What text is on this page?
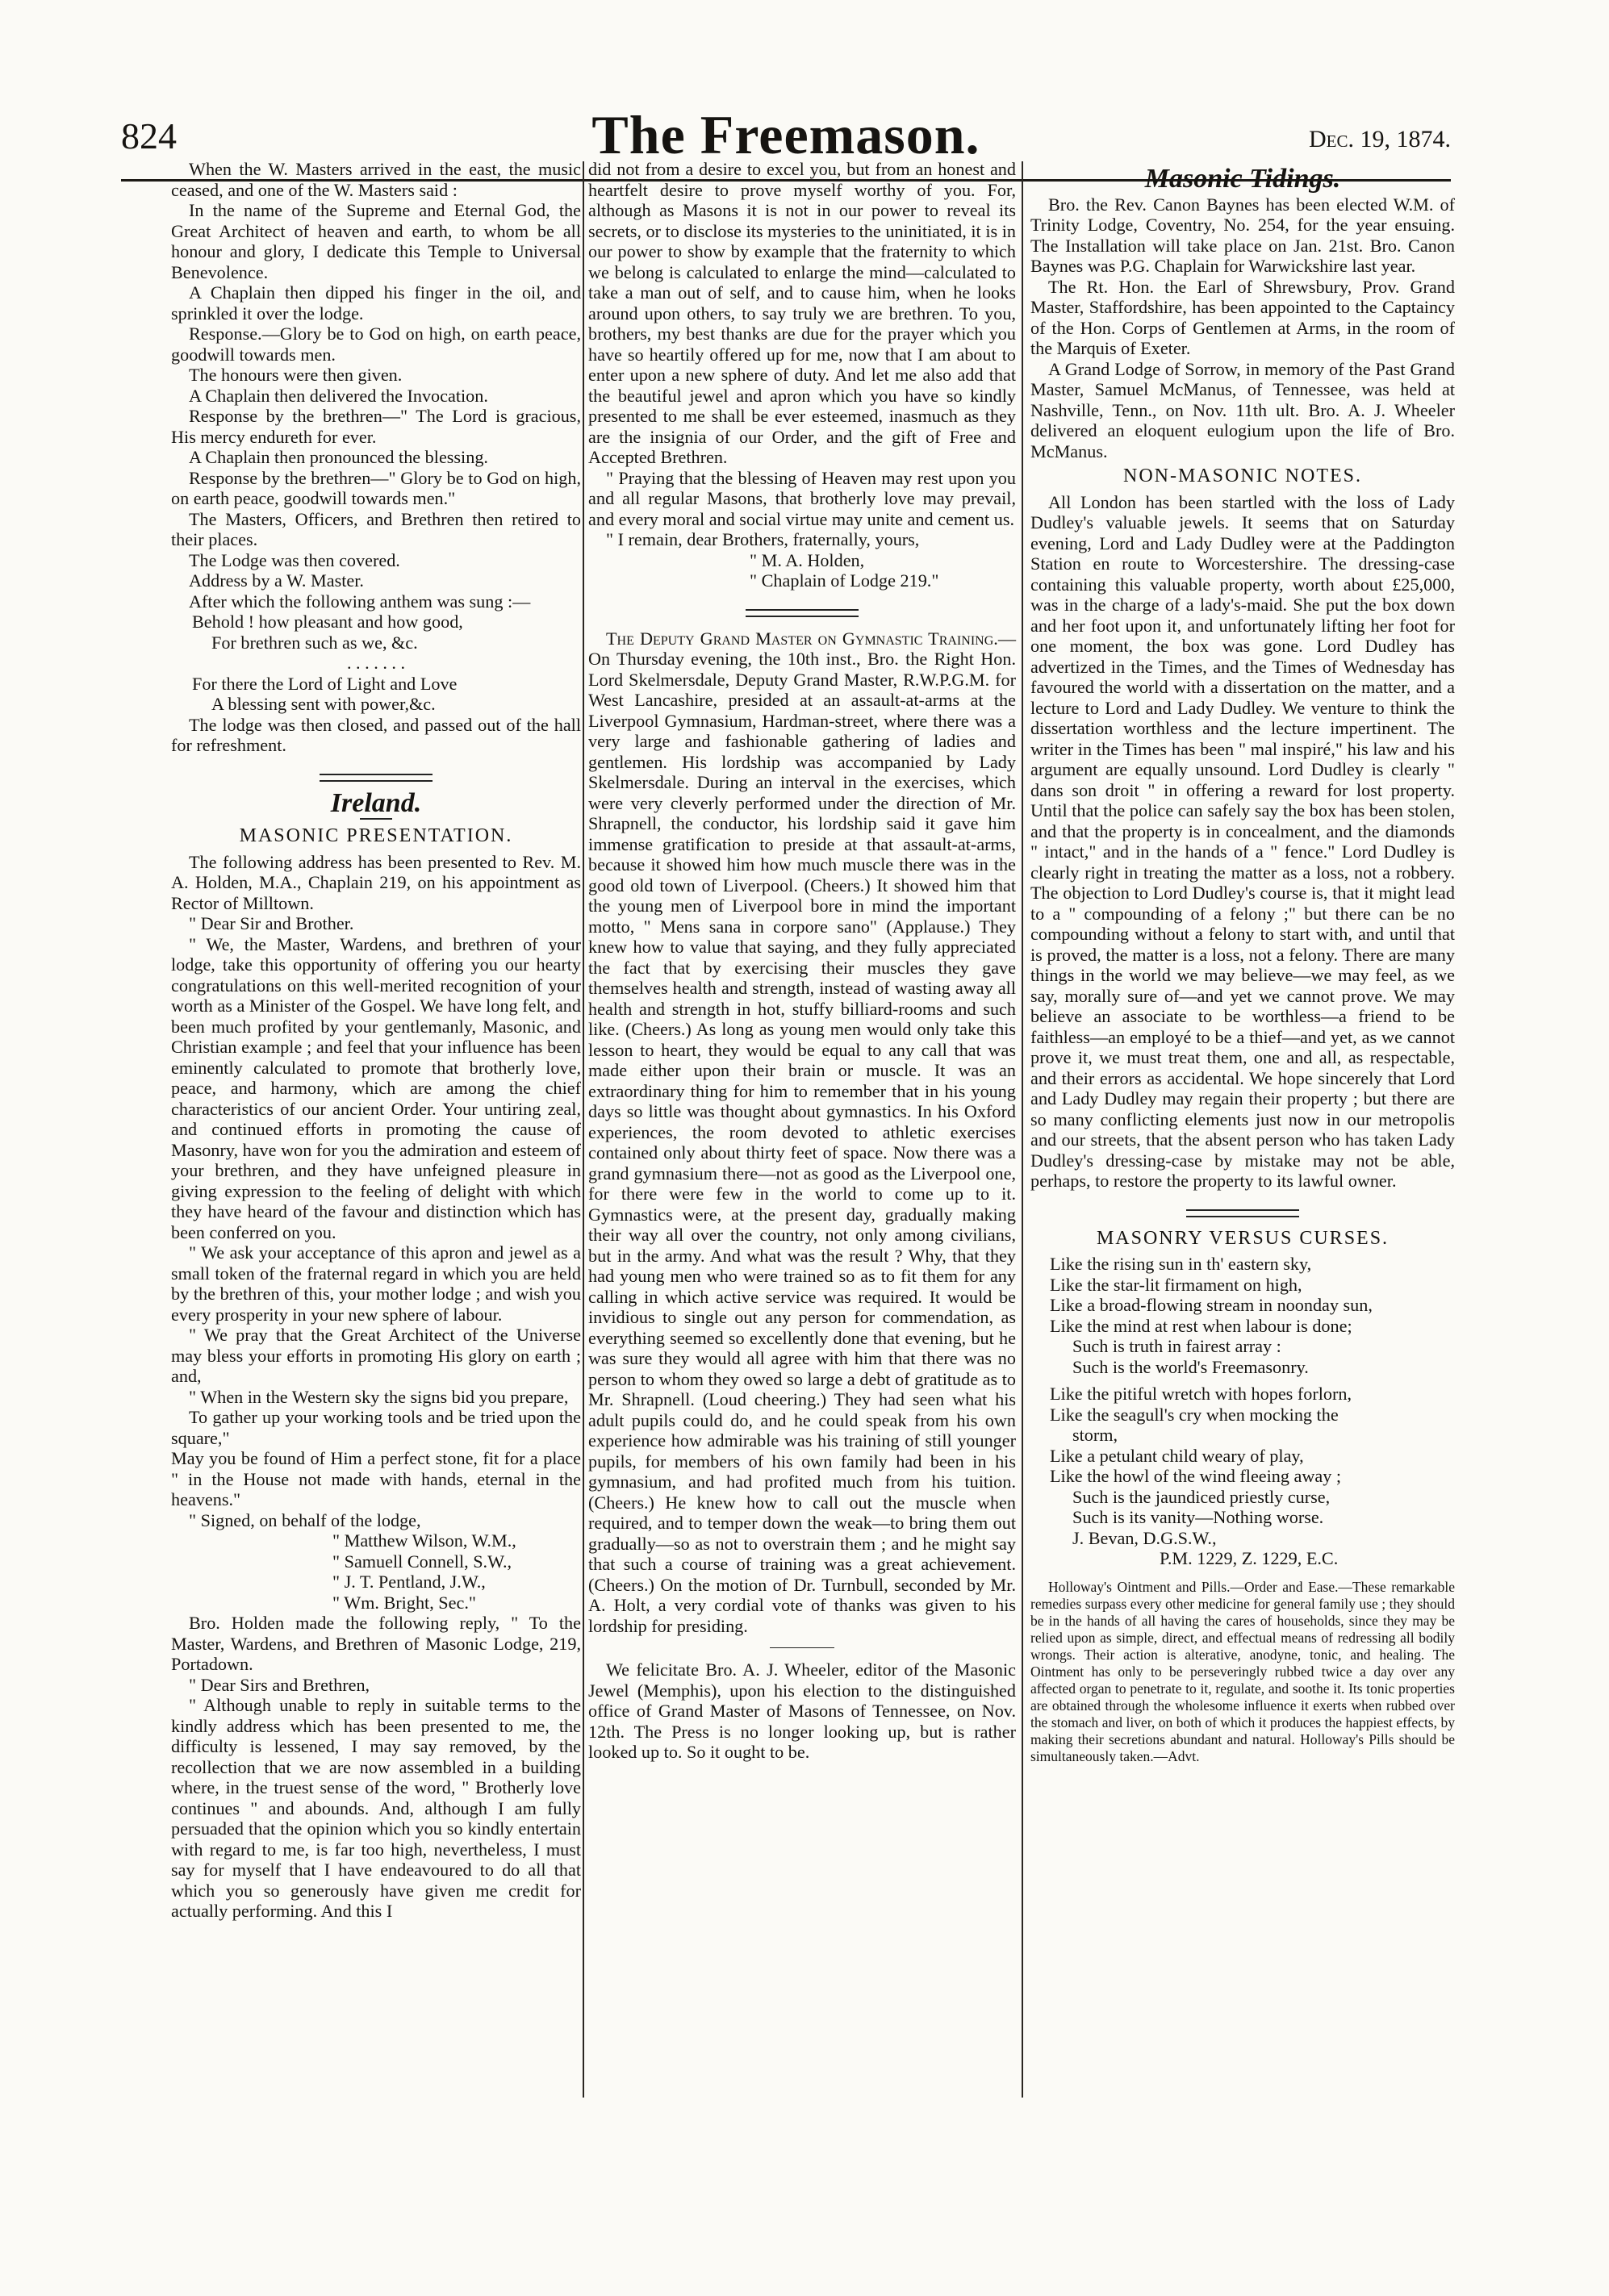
824	The Freemason.	Dec. 19, 1874.

When the W. Masters arrived in the east, the music ceased, and one of the W. Masters said :

In the name of the Supreme and Eternal God, the Great Architect of heaven and earth, to whom be all honour and glory, I dedicate this Temple to Universal Benevolence.

A Chaplain then dipped his finger in the oil, and sprinkled it over the lodge.

Response.—Glory be to God on high, on earth peace, goodwill towards men.

The honours were then given.

A Chaplain then delivered the Invocation.

Response by the brethren—" The Lord is gracious, His mercy endureth for ever.

A Chaplain then pronounced the blessing.

Response by the brethren—" Glory be to God on high, on earth peace, goodwill towards men."

The Masters, Officers, and Brethren then retired to their places.

The Lodge was then covered.

Address by a W. Master.

After which the following anthem was sung :—

Behold ! how pleasant and how good,

For brethren such as we, &c.

. . . . . . .

For there the Lord of Light and Love

A blessing sent with power,&c.

The lodge was then closed, and passed out of the hall for refreshment.

Ireland.
MASONIC PRESENTATION.

The following address has been presented to Rev. M. A. Holden, M.A., Chaplain 219, on his appointment as Rector of Milltown.

" Dear Sir and Brother.

" We, the Master, Wardens, and brethren of your lodge, take this opportunity of offering you our hearty congratulations on this well-merited recognition of your worth as a Minister of the Gospel. We have long felt, and been much profited by your gentlemanly, Masonic, and Christian example ; and feel that your influence has been eminently calculated to promote that brotherly love, peace, and harmony, which are among the chief characteristics of our ancient Order. Your untiring zeal, and continued efforts in promoting the cause of Masonry, have won for you the admiration and esteem of your brethren, and they have unfeigned pleasure in giving expression to the feeling of delight with which they have heard of the favour and distinction which has been conferred on you.

" We ask your acceptance of this apron and jewel as a small token of the fraternal regard in which you are held by the brethren of this, your mother lodge ; and wish you every prosperity in your new sphere of labour.

" We pray that the Great Architect of the Universe may bless your efforts in promoting His glory on earth ; and,

" When in the Western sky the signs bid you prepare,

To gather up your working tools and be tried upon the square,"

May you be found of Him a perfect stone, fit for a place " in the House not made with hands, eternal in the heavens."

" Signed, on behalf of the lodge,

" Matthew Wilson, W.M.,

" Samuell Connell, S.W.,

" J. T. Pentland, J.W.,

" Wm. Bright, Sec."

Bro. Holden made the following reply, " To the Master, Wardens, and Brethren of Masonic Lodge, 219, Portadown.

" Dear Sirs and Brethren,

" Although unable to reply in suitable terms to the kindly address which has been presented to me, the difficulty is lessened, I may say removed, by the recollection that we are now assembled in a building where, in the truest sense of the word, " Brotherly love continues " and abounds. And, although I am fully persuaded that the opinion which you so kindly entertain with regard to me, is far too high, nevertheless, I must say for myself that I have endeavoured to do all that which you so generously have given me credit for actually performing. And this I

did not from a desire to excel you, but from an honest and heartfelt desire to prove myself worthy of you. For, although as Masons it is not in our power to reveal its secrets, or to disclose its mysteries to the uninitiated, it is in our power to show by example that the fraternity to which we belong is calculated to enlarge the mind—calculated to take a man out of self, and to cause him, when he looks around upon others, to say truly we are brethren. To you, brothers, my best thanks are due for the prayer which you have so heartily offered up for me, now that I am about to enter upon a new sphere of duty. And let me also add that the beautiful jewel and apron which you have so kindly presented to me shall be ever esteemed, inasmuch as they are the insignia of our Order, and the gift of Free and Accepted Brethren.

" Praying that the blessing of Heaven may rest upon you and all regular Masons, that brotherly love may prevail, and every moral and social virtue may unite and cement us.

" I remain, dear Brothers, fraternally, yours,

" M. A. Holden,

" Chaplain of Lodge 219."

The Deputy Grand Master on Gymnastic Training.—On Thursday evening, the 10th inst., Bro. the Right Hon. Lord Skelmersdale, Deputy Grand Master, R.W.P.G.M. for West Lancashire, presided at an assault-at-arms at the Liverpool Gymnasium, Hardman-street, where there was a very large and fashionable gathering of ladies and gentlemen. His lordship was accompanied by Lady Skelmersdale. During an interval in the exercises, which were very cleverly performed under the direction of Mr. Shrapnell, the conductor, his lordship said it gave him immense gratification to preside at that assault-at-arms, because it showed him how much muscle there was in the good old town of Liverpool. (Cheers.) It showed him that the young men of Liverpool bore in mind the important motto, " Mens sana in corpore sano" (Applause.) They knew how to value that saying, and they fully appreciated the fact that by exercising their muscles they gave themselves health and strength, instead of wasting away all health and strength in hot, stuffy billiard-rooms and such like. (Cheers.) As long as young men would only take this lesson to heart, they would be equal to any call that was made either upon their brain or muscle. It was an extraordinary thing for him to remember that in his young days so little was thought about gymnastics. In his Oxford experiences, the room devoted to athletic exercises contained only about thirty feet of space. Now there was a grand gymnasium there—not as good as the Liverpool one, for there were few in the world to come up to it. Gymnastics were, at the present day, gradually making their way all over the country, not only among civilians, but in the army. And what was the result ? Why, that they had young men who were trained so as to fit them for any calling in which active service was required. It would be invidious to single out any person for commendation, as everything seemed so excellently done that evening, but he was sure they would all agree with him that there was no person to whom they owed so large a debt of gratitude as to Mr. Shrapnell. (Loud cheering.) They had seen what his adult pupils could do, and he could speak from his own experience how admirable was his training of still younger pupils, for members of his own family had been in his gymnasium, and had profited much from his tuition. (Cheers.) He knew how to call out the muscle when required, and to temper down the weak—to bring them out gradually—so as not to overstrain them ; and he might say that such a course of training was a great achievement. (Cheers.) On the motion of Dr. Turnbull, seconded by Mr. A. Holt, a very cordial vote of thanks was given to his lordship for presiding.

We felicitate Bro. A. J. Wheeler, editor of the Masonic Jewel (Memphis), upon his election to the distinguished office of Grand Master of Masons of Tennessee, on Nov. 12th. The Press is no longer looking up, but is rather looked up to. So it ought to be.

Masonic Tidings.

Bro. the Rev. Canon Baynes has been elected W.M. of Trinity Lodge, Coventry, No. 254, for the year ensuing. The Installation will take place on Jan. 21st. Bro. Canon Baynes was P.G. Chaplain for Warwickshire last year.

The Rt. Hon. the Earl of Shrewsbury, Prov. Grand Master, Staffordshire, has been appointed to the Captaincy of the Hon. Corps of Gentlemen at Arms, in the room of the Marquis of Exeter.

A Grand Lodge of Sorrow, in memory of the Past Grand Master, Samuel McManus, of Tennessee, was held at Nashville, Tenn., on Nov. 11th ult. Bro. A. J. Wheeler delivered an eloquent eulogium upon the life of Bro. McManus.

NON-MASONIC NOTES.

All London has been startled with the loss of Lady Dudley's valuable jewels. It seems that on Saturday evening, Lord and Lady Dudley were at the Paddington Station en route to Worcestershire. The dressing-case containing this valuable property, worth about £25,000, was in the charge of a lady's-maid. She put the box down and her foot upon it, and unfortunately lifting her foot for one moment, the box was gone. Lord Dudley has advertized in the Times, and the Times of Wednesday has favoured the world with a dissertation on the matter, and a lecture to Lord and Lady Dudley. We venture to think the dissertation worthless and the lecture impertinent. The writer in the Times has been " mal inspiré," his law and his argument are equally unsound. Lord Dudley is clearly " dans son droit " in offering a reward for lost property. Until that the police can safely say the box has been stolen, and that the property is in concealment, and the diamonds " intact," and in the hands of a " fence." Lord Dudley is clearly right in treating the matter as a loss, not a robbery. The objection to Lord Dudley's course is, that it might lead to a " compounding of a felony ;" but there can be no compounding without a felony to start with, and until that is proved, the matter is a loss, not a felony. There are many things in the world we may believe—we may feel, as we say, morally sure of—and yet we cannot prove. We may believe an associate to be worthless—a friend to be faithless—an employé to be a thief—and yet, as we cannot prove it, we must treat them, one and all, as respectable, and their errors as accidental. We hope sincerely that Lord and Lady Dudley may regain their property ; but there are so many conflicting elements just now in our metropolis and our streets, that the absent person who has taken Lady Dudley's dressing-case by mistake may not be able, perhaps, to restore the property to its lawful owner.

MASONRY VERSUS CURSES.

Like the rising sun in th' eastern sky,

Like the star-lit firmament on high,

Like a broad-flowing stream in noonday sun,

Like the mind at rest when labour is done;

Such is truth in fairest array :

Such is the world's Freemasonry.

Like the pitiful wretch with hopes forlorn,

Like the seagull's cry when mocking the

storm,

Like a petulant child weary of play,

Like the howl of the wind fleeing away ;

Such is the jaundiced priestly curse,

Such is its vanity—Nothing worse.

J. Bevan, D.G.S.W.,

P.M. 1229, Z. 1229, E.C.

Holloway's Ointment and Pills.—Order and Ease.—These remarkable remedies surpass every other medicine for general family use ; they should be in the hands of all having the cares of households, since they may be relied upon as simple, direct, and effectual means of redressing all bodily wrongs. Their action is alterative, anodyne, tonic, and healing. The Ointment has only to be perseveringly rubbed twice a day over any affected organ to penetrate to it, regulate, and soothe it. Its tonic properties are obtained through the wholesome influence it exerts when rubbed over the stomach and liver, on both of which it produces the happiest effects, by making their secretions abundant and natural. Holloway's Pills should be simultaneously taken.—Advt.
